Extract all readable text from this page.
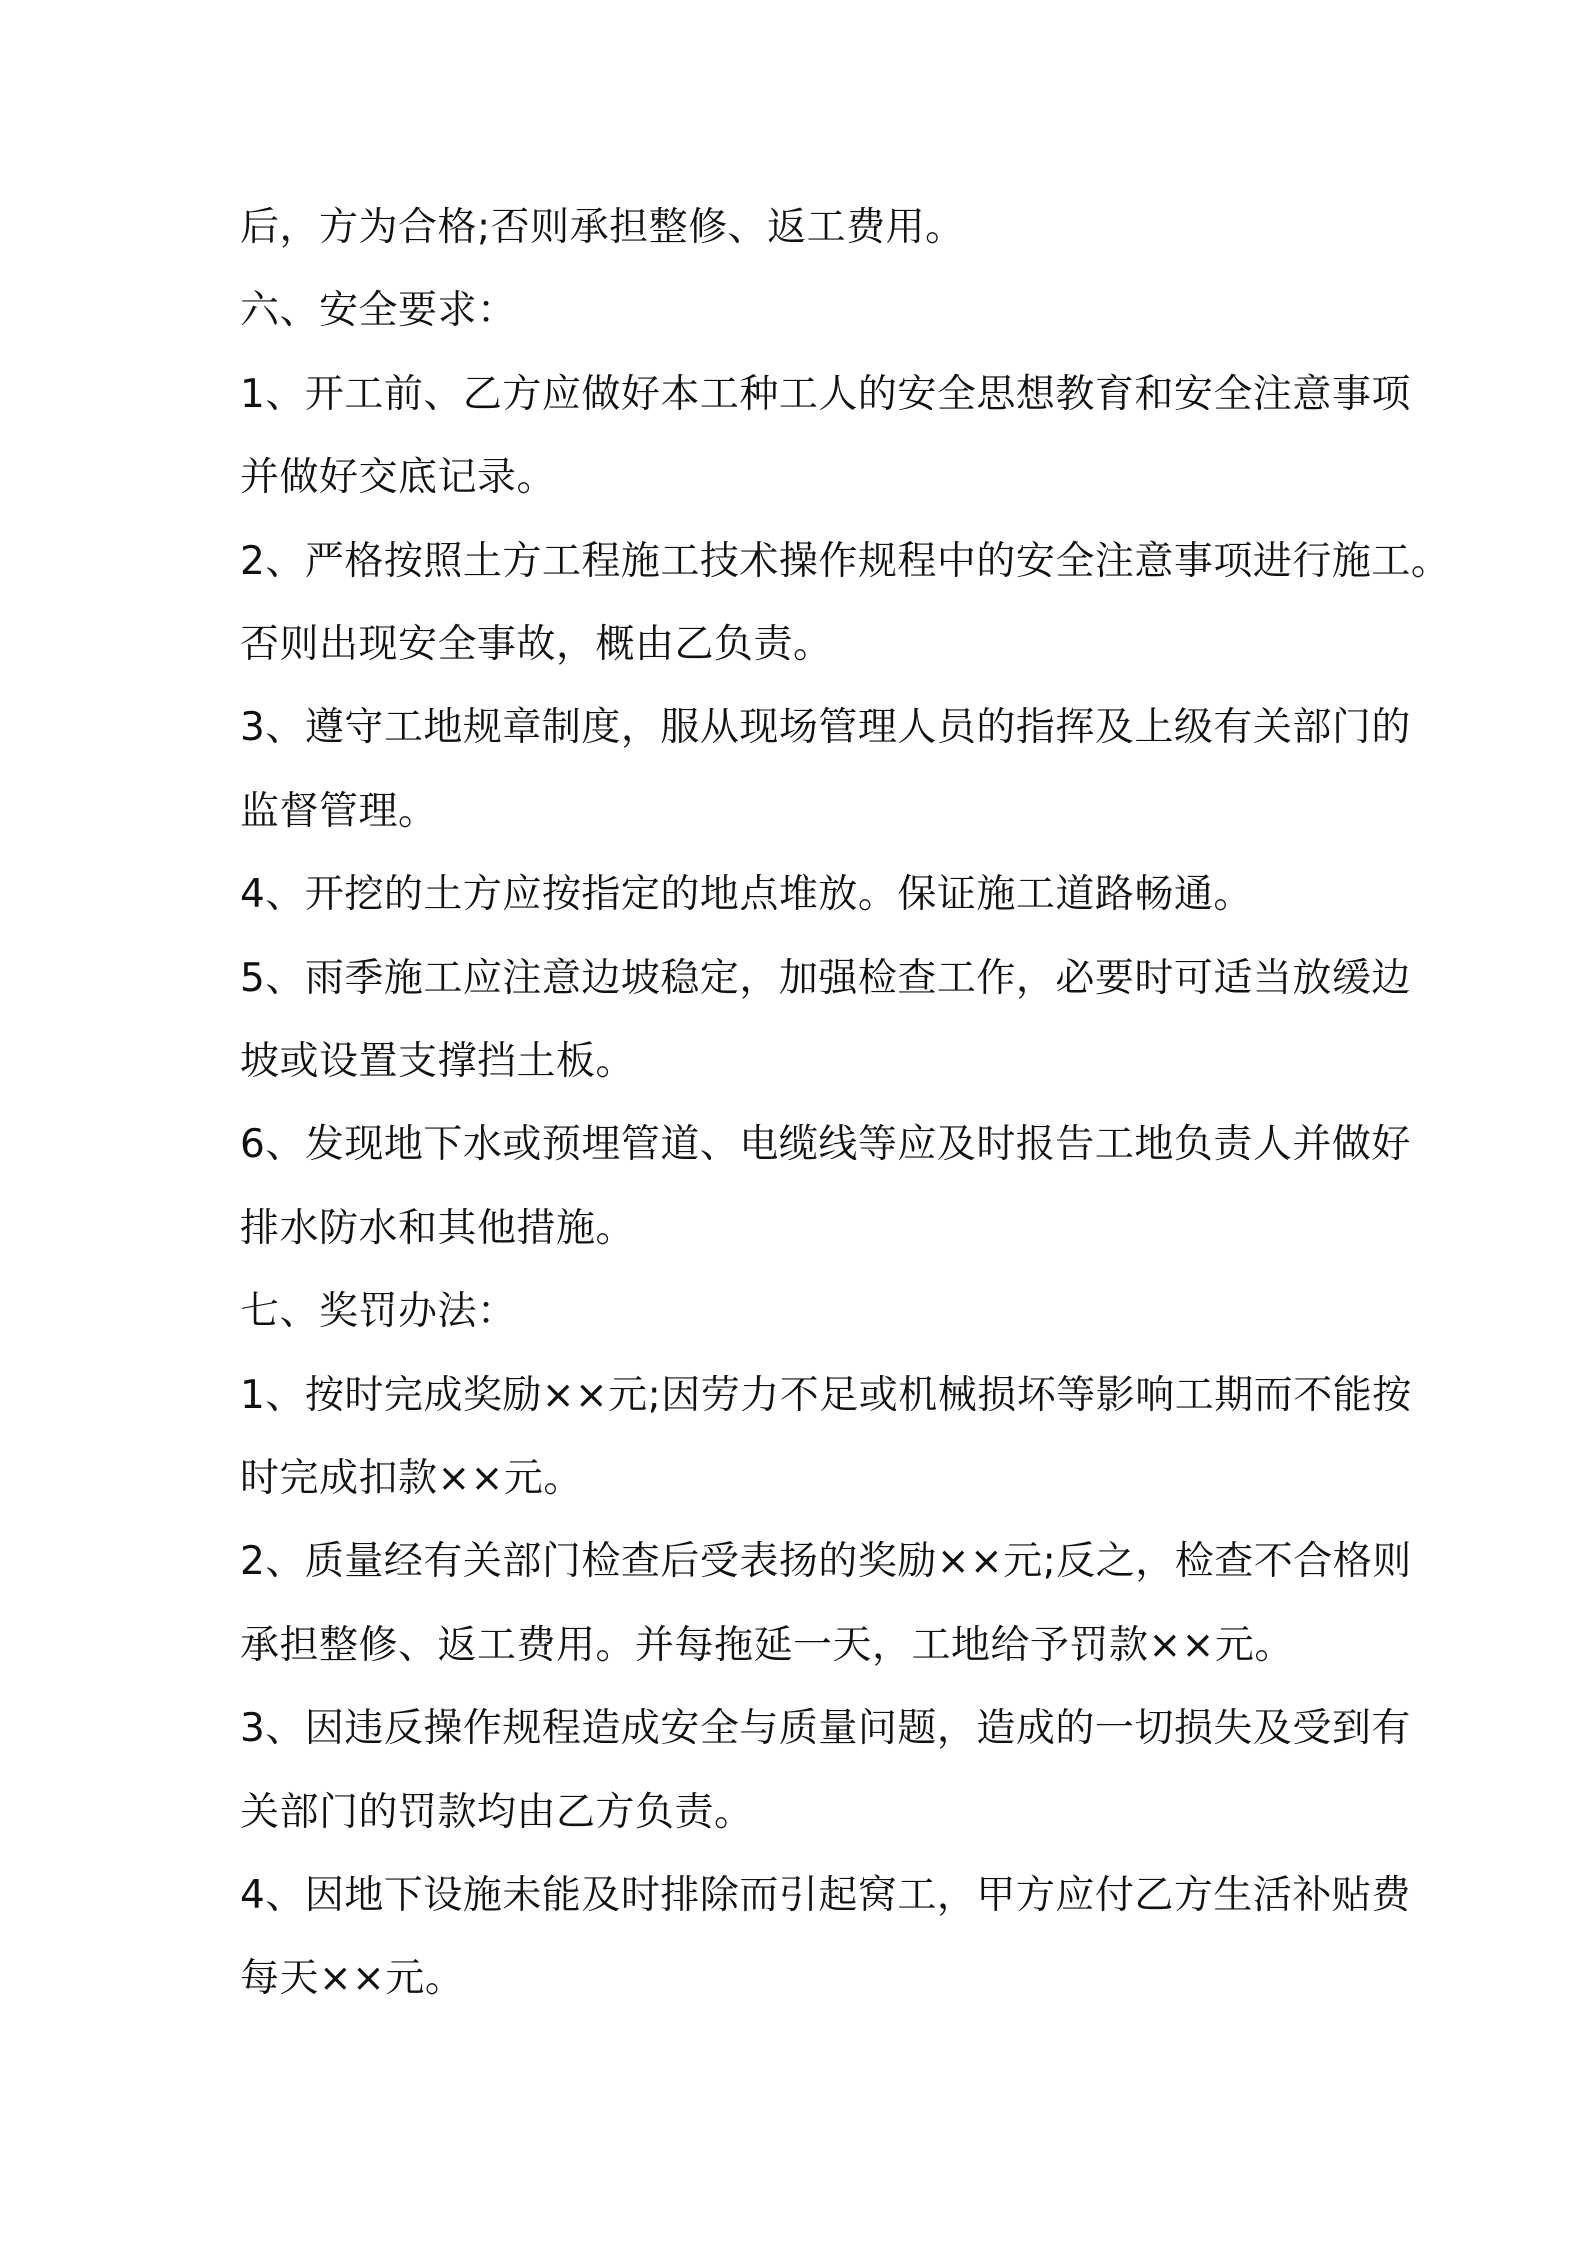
后，方为合格;否则承担整修、返工费用。
六、安全要求：
1、开工前、乙方应做好本工种工人的安全思想教育和安全注意事项
并做好交底记录。
2、严格按照土方工程施工技术操作规程中的安全注意事项进行施工。
否则出现安全事故，概由乙负责。
3、遵守工地规章制度，服从现场管理人员的指挥及上级有关部门的
监督管理。
4、开挖的土方应按指定的地点堆放。保证施工道路畅通。
5、雨季施工应注意边坡稳定，加强检查工作，必要时可适当放缓边
坡或设置支撑挡土板。
6、发现地下水或预埋管道、电缆线等应及时报告工地负责人并做好
排水防水和其他措施。
七、奖罚办法：
1、按时完成奖励××元;因劳力不足或机械损坏等影响工期而不能按
时完成扣款××元。
2、质量经有关部门检查后受表扬的奖励××元;反之，检查不合格则
承担整修、返工费用。并每拖延一天，工地给予罚款××元。
3、因违反操作规程造成安全与质量问题，造成的一切损失及受到有
关部门的罚款均由乙方负责。
4、因地下设施未能及时排除而引起窝工，甲方应付乙方生活补贴费
每天××元。
